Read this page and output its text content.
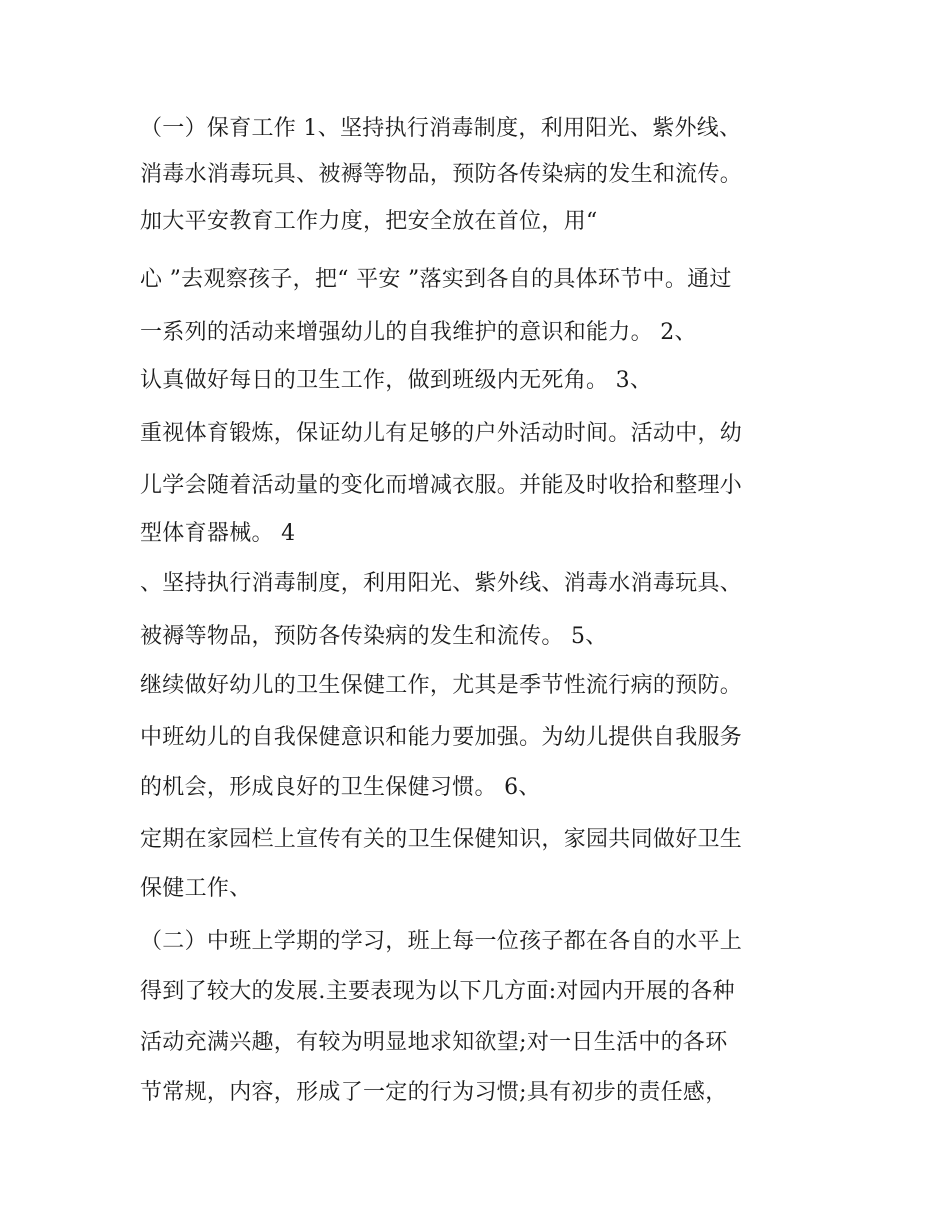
（一）保育工作 1、坚持执行消毒制度，利用阳光、紫外线、
消毒水消毒玩具、被褥等物品，预防各传染病的发生和流传。
加大平安教育工作力度，把安全放在首位，用“
心 ”去观察孩子，把“ 平安 ”落实到各自的具体环节中。通过
一系列的活动来增强幼儿的自我维护的意识和能力。 2、
认真做好每日的卫生工作，做到班级内无死角。 3、
重视体育锻炼，保证幼儿有足够的户外活动时间。活动中，幼
儿学会随着活动量的变化而增减衣服。并能及时收拾和整理小
型体育器械。 4
、坚持执行消毒制度，利用阳光、紫外线、消毒水消毒玩具、
被褥等物品，预防各传染病的发生和流传。 5、
继续做好幼儿的卫生保健工作，尤其是季节性流行病的预防。
中班幼儿的自我保健意识和能力要加强。为幼儿提供自我服务
的机会，形成良好的卫生保健习惯。 6、
定期在家园栏上宣传有关的卫生保健知识，家园共同做好卫生
保健工作、
（二）中班上学期的学习，班上每一位孩子都在各自的水平上
得到了较大的发展.主要表现为以下几方面:对园内开展的各种
活动充满兴趣，有较为明显地求知欲望;对一日生活中的各环
节常规，内容，形成了一定的行为习惯;具有初步的责任感，
